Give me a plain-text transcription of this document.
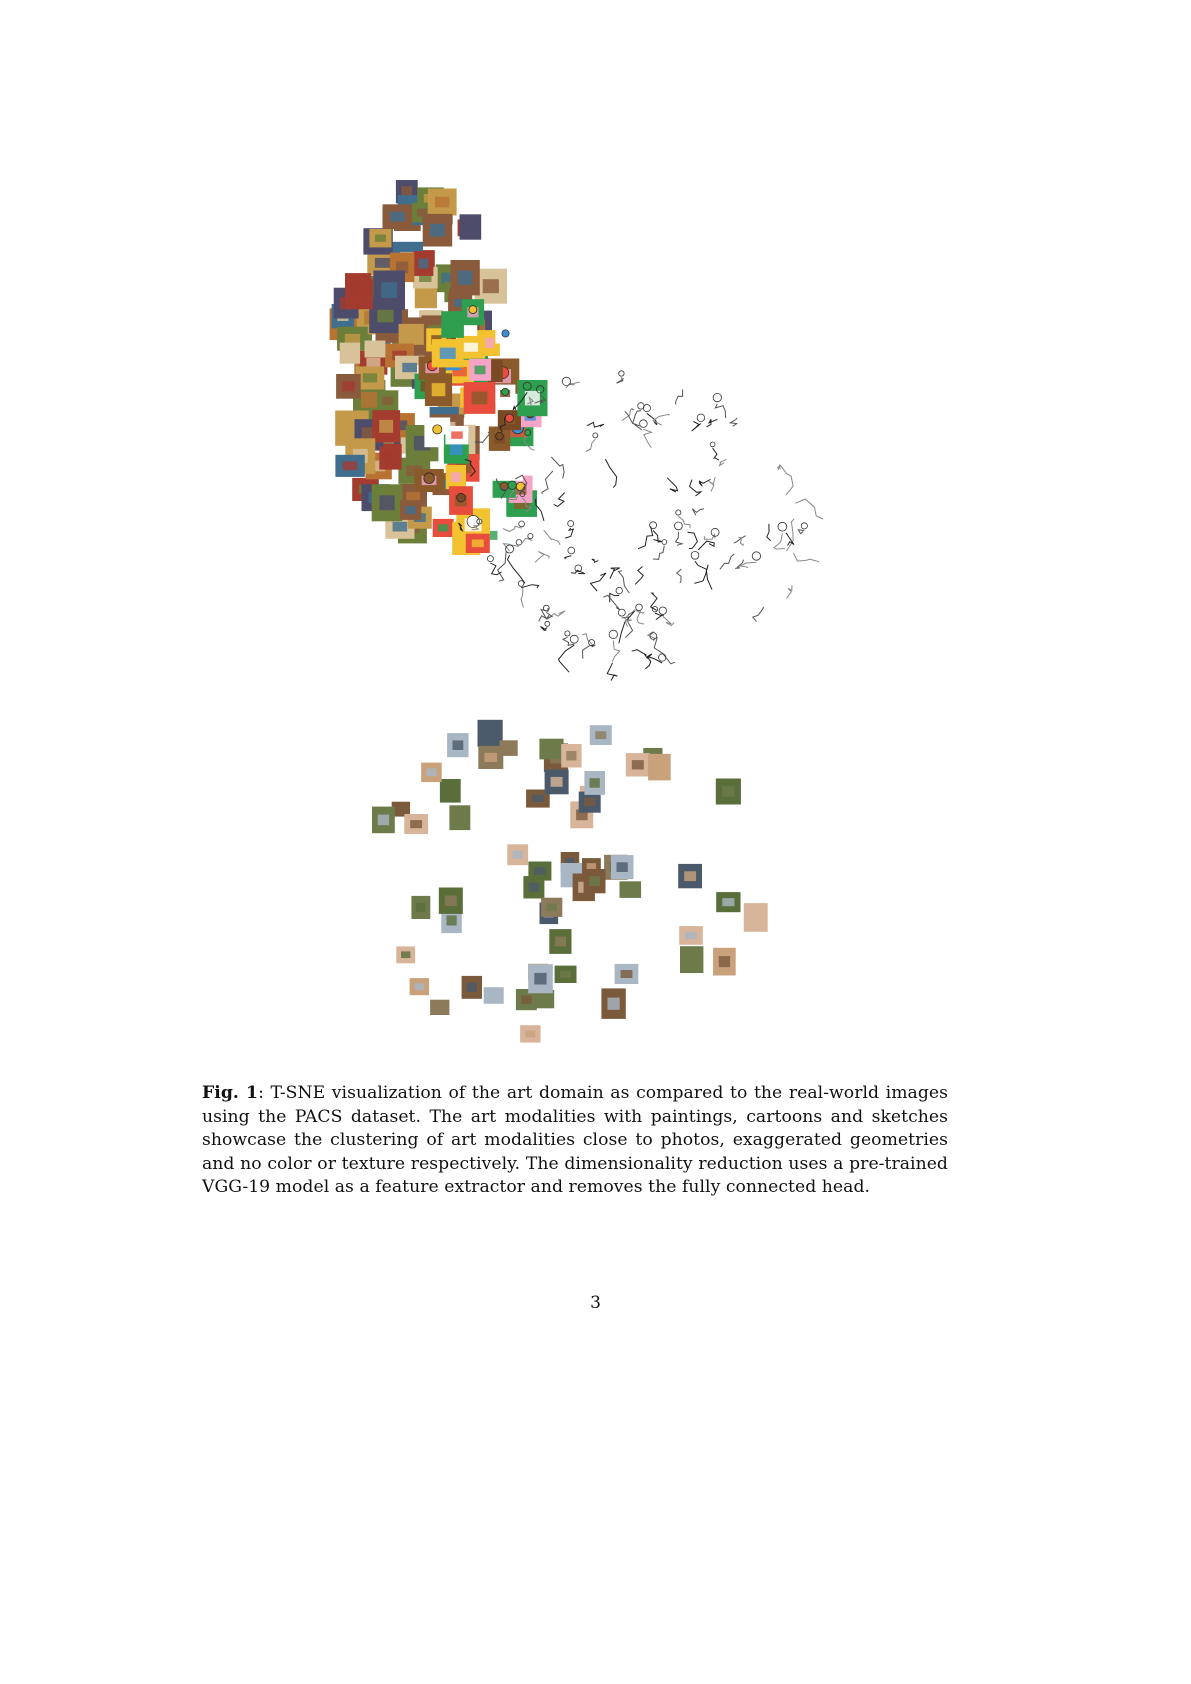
Fig. 1: T-SNE visualization of the art domain as compared to the real-world images using the PACS dataset. The art modalities with paintings, cartoons and sketches showcase the clustering of art modalities close to photos, exaggerated geometries and no color or texture respectively. The dimensionality reduction uses a pre-trained VGG-19 model as a feature extractor and removes the fully connected head.
3
